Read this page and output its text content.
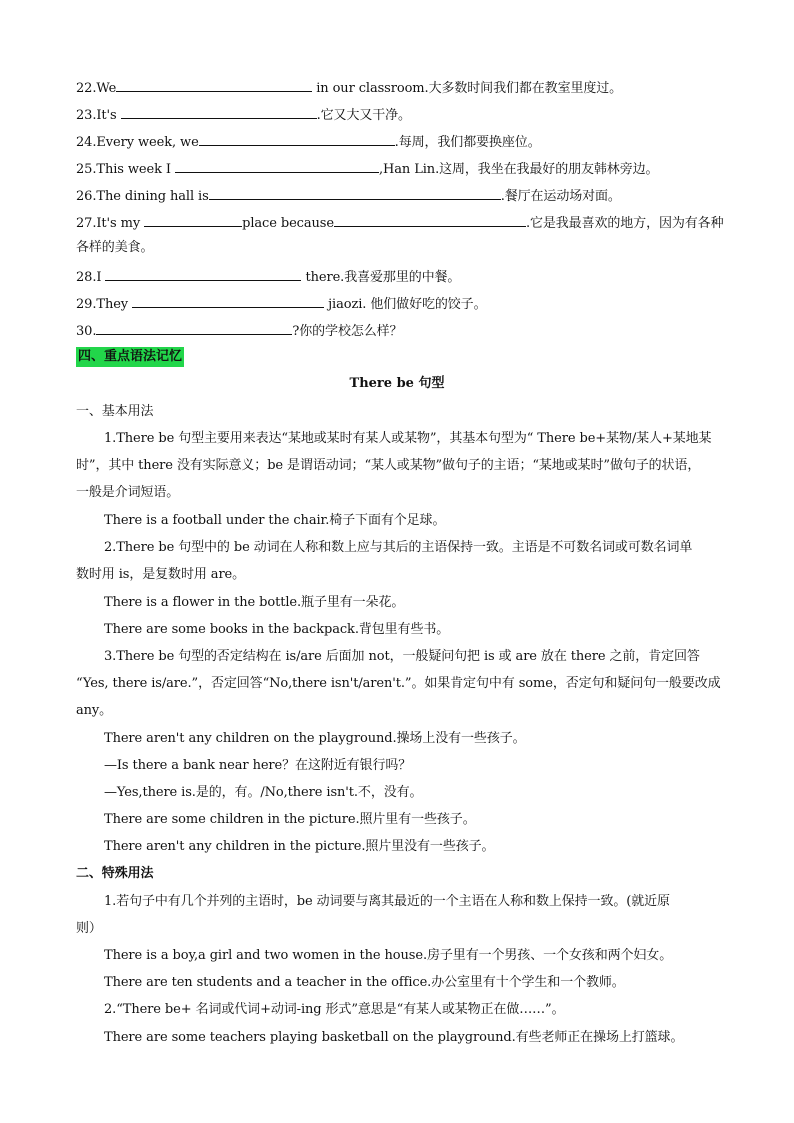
22.We	in our classroom.大多数时间我们都在教室里度过。
23.It's	.它又大又干净。
24.Every week, we	.每周，我们都要换座位。
25.This week I	,Han Lin.这周，我坐在我最好的朋友韩林旁边。
26.The dining hall is	.餐厅在运动场对面。
27.It's my	place because	.它是我最喜欢的地方，因为有各种
各样的美食。
28.I	there.我喜爱那里的中餐。
29.They	jiaozi. 他们做好吃的饺子。
30.	?你的学校怎么样？
四、重点语法记忆
There be 句型
一、基本用法
1.There be 句型主要用来表达“某地或某时有某人或某物”，其基本句型为“ There be+某物/某人+某地某
时”，其中 there 没有实际意义；be 是谓语动词；“某人或某物”做句子的主语；“某地或某时”做句子的状语，
一般是介词短语。
There is a football under the chair.椅子下面有个足球。
2.There be 句型中的 be 动词在人称和数上应与其后的主语保持一致。主语是不可数名词或可数名词单
数时用 is，是复数时用 are。
There is a flower in the bottle.瓶子里有一朵花。
There are some books in the backpack.背包里有些书。
3.There be 句型的否定结构在 is/are 后面加 not，一般疑问句把 is 或 are 放在 there 之前，肯定回答
“Yes, there is/are.”，否定回答“No,there isn't/aren't.”。如果肯定句中有 some，否定句和疑问句一般要改成
any。
There aren't any children on the playground.操场上没有一些孩子。
—Is there a bank near here？在这附近有银行吗？
—Yes,there is.是的，有。/No,there isn't.不，没有。
There are some children in the picture.照片里有一些孩子。
There aren't any children in the picture.照片里没有一些孩子。
二、特殊用法
1.若句子中有几个并列的主语时，be 动词要与离其最近的一个主语在人称和数上保持一致。(就近原
则）
There is a boy,a girl and two women in the house.房子里有一个男孩、一个女孩和两个妇女。
There are ten students and a teacher in the office.办公室里有十个学生和一个教师。
2.“There be+ 名词或代词+动词-ing 形式”意思是“有某人或某物正在做……”。
There are some teachers playing basketball on the playground.有些老师正在操场上打篮球。
